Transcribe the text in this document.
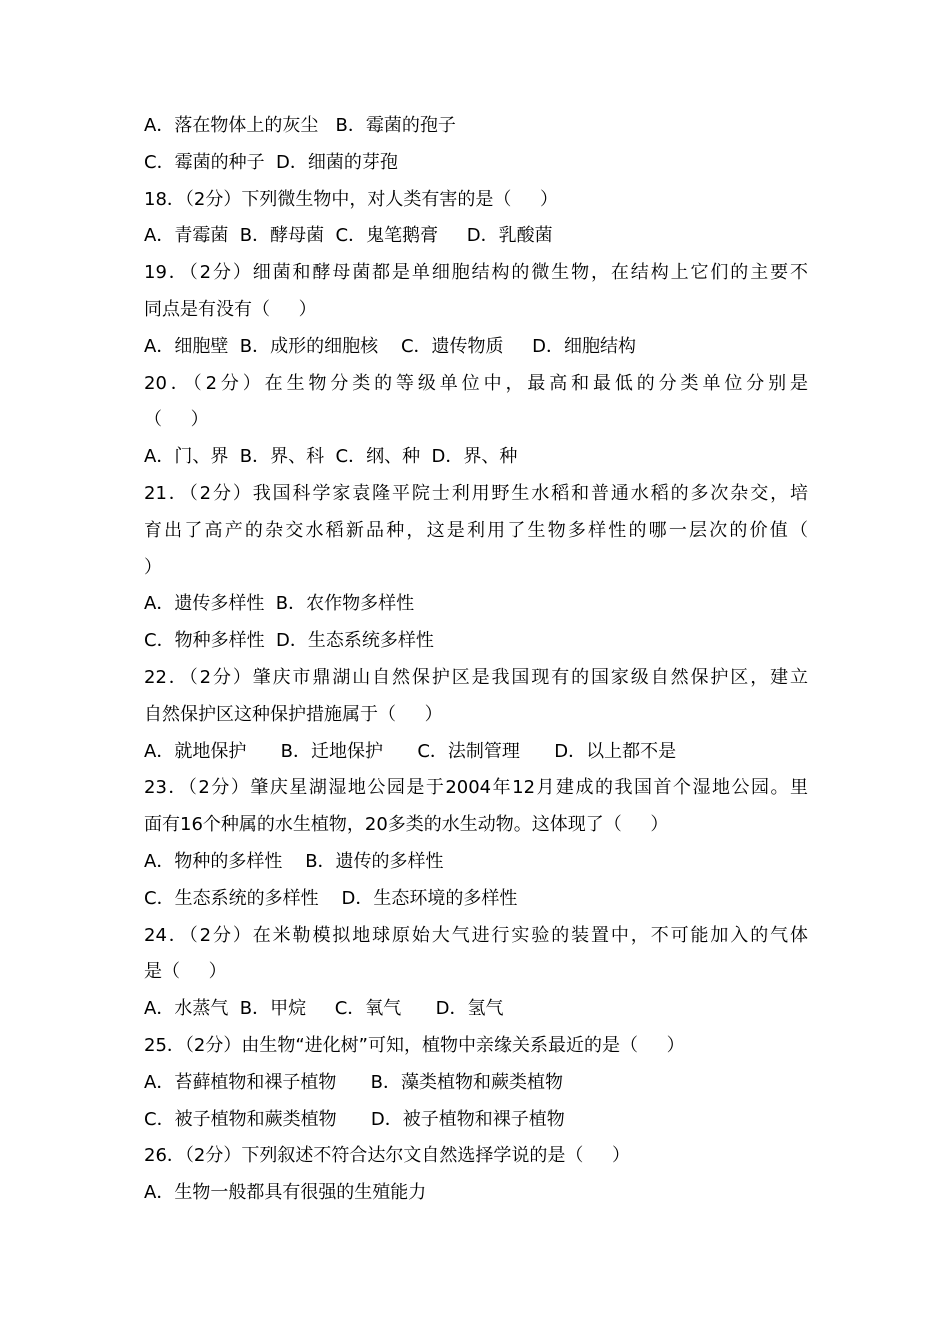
A．落在物体上的灰尘   B．霉菌的孢子
C．霉菌的种子  D．细菌的芽孢
18．（2分）下列微生物中，对人类有害的是（     ）
A．青霉菌  B．酵母菌  C．鬼笔鹅膏     D．乳酸菌
19．（2分）细菌和酵母菌都是单细胞结构的微生物，在结构上它们的主要不
同点是有没有（     ）
A．细胞壁  B．成形的细胞核    C．遗传物质     D．细胞结构
20．（2分）在生物分类的等级单位中，最高和最低的分类单位分别是
（     ）
A．门、界  B．界、科  C．纲、种  D．界、种
21．（2分）我国科学家袁隆平院士利用野生水稻和普通水稻的多次杂交，培
育出了高产的杂交水稻新品种，这是利用了生物多样性的哪一层次的价值（
）
A．遗传多样性  B．农作物多样性
C．物种多样性  D．生态系统多样性
22．（2分）肇庆市鼎湖山自然保护区是我国现有的国家级自然保护区，建立
自然保护区这种保护措施属于（     ）
A．就地保护      B．迁地保护      C．法制管理      D．以上都不是
23．（2分）肇庆星湖湿地公园是于2004年12月建成的我国首个湿地公园。里
面有16个种属的水生植物，20多类的水生动物。这体现了（     ）
A．物种的多样性    B．遗传的多样性
C．生态系统的多样性    D．生态环境的多样性
24．（2分）在米勒模拟地球原始大气进行实验的装置中，不可能加入的气体
是（     ）
A．水蒸气  B．甲烷     C．氧气      D．氢气
25．（2分）由生物“进化树”可知，植物中亲缘关系最近的是（     ）
A．苔藓植物和裸子植物      B．藻类植物和蕨类植物
C．被子植物和蕨类植物      D．被子植物和裸子植物
26．（2分）下列叙述不符合达尔文自然选择学说的是（     ）
A．生物一般都具有很强的生殖能力
